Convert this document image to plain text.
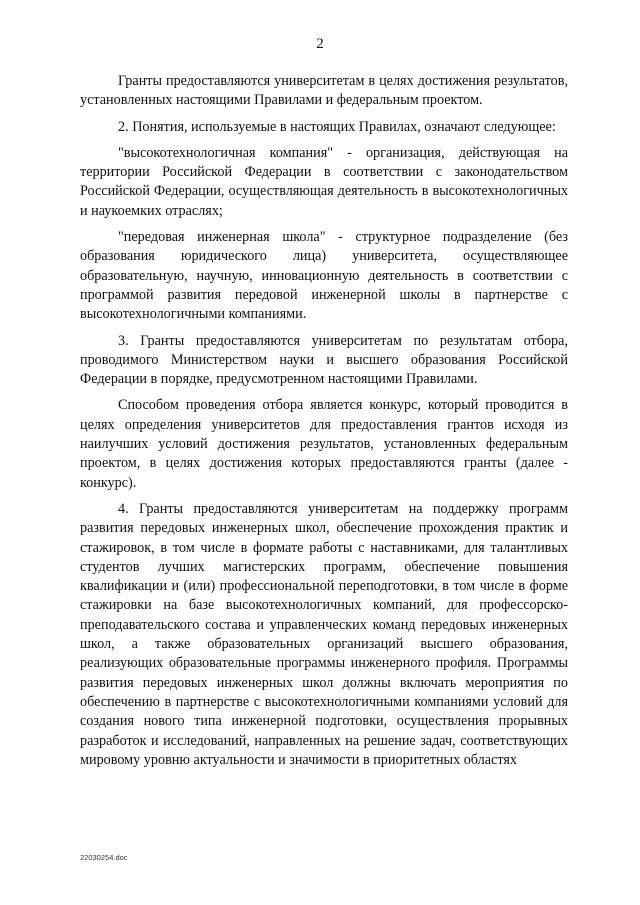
2

Гранты предоставляются университетам в целях достижения результатов, установленных настоящими Правилами и федеральным проектом.

2. Понятия, используемые в настоящих Правилах, означают следующее:

"высокотехнологичная компания" - организация, действующая на территории Российской Федерации в соответствии с законодательством Российской Федерации, осуществляющая деятельность в высокотехнологичных и наукоемких отраслях;

"передовая инженерная школа" - структурное подразделение (без образования юридического лица) университета, осуществляющее образовательную, научную, инновационную деятельность в соответствии с программой развития передовой инженерной школы в партнерстве с высокотехнологичными компаниями.

3. Гранты предоставляются университетам по результатам отбора, проводимого Министерством науки и высшего образования Российской Федерации в порядке, предусмотренном настоящими Правилами.

Способом проведения отбора является конкурс, который проводится в целях определения университетов для предоставления грантов исходя из наилучших условий достижения результатов, установленных федеральным проектом, в целях достижения которых предоставляются гранты (далее - конкурс).

4. Гранты предоставляются университетам на поддержку программ развития передовых инженерных школ, обеспечение прохождения практик и стажировок, в том числе в формате работы с наставниками, для талантливых студентов лучших магистерских программ, обеспечение повышения квалификации и (или) профессиональной переподготовки, в том числе в форме стажировки на базе высокотехнологичных компаний, для профессорско-преподавательского состава и управленческих команд передовых инженерных школ, а также образовательных организаций высшего образования, реализующих образовательные программы инженерного профиля. Программы развития передовых инженерных школ должны включать мероприятия по обеспечению в партнерстве с высокотехнологичными компаниями условий для создания нового типа инженерной подготовки, осуществления прорывных разработок и исследований, направленных на решение задач, соответствующих мировому уровню актуальности и значимости в приоритетных областях

22030254.doc
